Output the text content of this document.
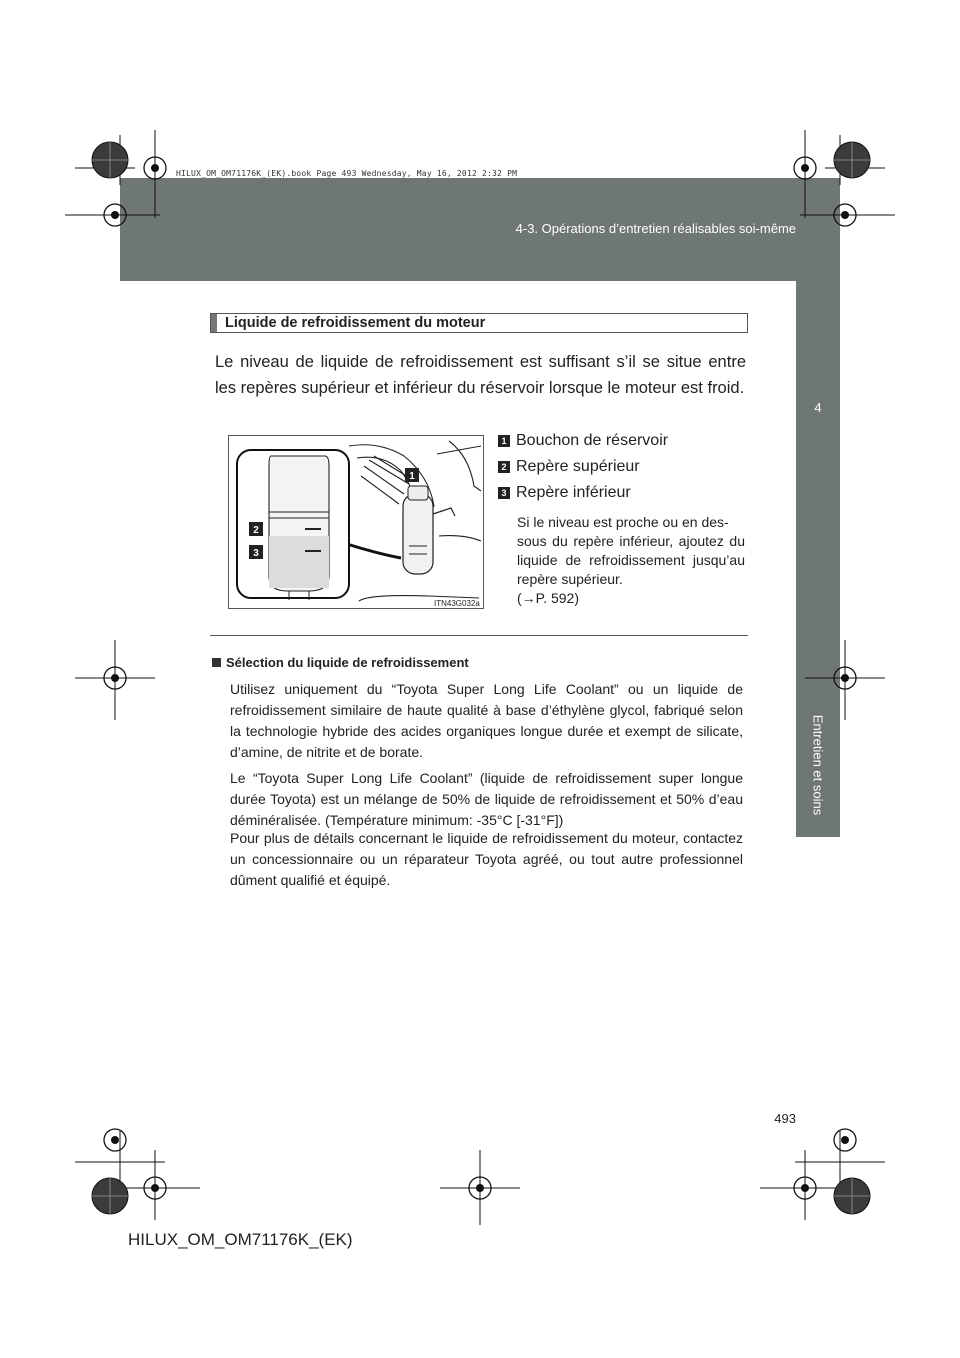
4-3. Opérations d’entretien réalisables soi-même
4
Entretien et soins
HILUX_OM_OM71176K_(EK).book Page 493 Wednesday, May 16, 2012 2:32 PM
Liquide de refroidissement du moteur
Le niveau de liquide de refroidissement est suffisant s’il se situe entre les repères supérieur et inférieur du réservoir lorsque le moteur est froid.
1
2
3
ITN43G032a
1 Bouchon de réservoir
2 Repère supérieur
3 Repère inférieur
Si le niveau est proche ou en des-
sous du repère inférieur, ajoutez du liquide de refroidissement jusqu’au repère supérieur.
(→P. 592)
Sélection du liquide de refroidissement
Utilisez uniquement du “Toyota Super Long Life Coolant” ou un liquide de refroidissement similaire de haute qualité à base d’éthylène glycol, fabriqué selon la technologie hybride des acides organiques longue durée et exempt de silicate, d’amine, de nitrite et de borate.
Le “Toyota Super Long Life Coolant” (liquide de refroidissement super longue durée Toyota) est un mélange de 50% de liquide de refroidissement et 50% d’eau déminéralisée. (Température minimum: -35°C [-31°F])
Pour plus de détails concernant le liquide de refroidissement du moteur, contactez un concessionnaire ou un réparateur Toyota agréé, ou tout autre professionnel dûment qualifié et équipé.
493
HILUX_OM_OM71176K_(EK)
